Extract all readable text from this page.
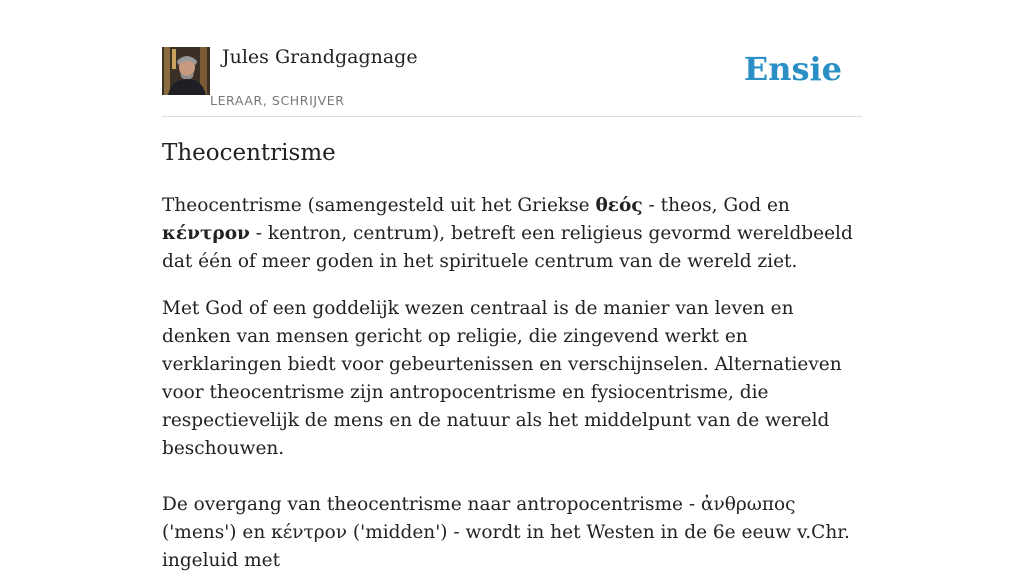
Jules Grandgagnage
LERAAR, SCHRIJVER
Ensie
Theocentrisme

Theocentrisme (samengesteld uit het Griekse θεός - theos, God en κέντρον - kentron, centrum), betreft een religieus gevormd wereldbeeld dat één of meer goden in het spirituele centrum van de wereld ziet.

Met God of een goddelijk wezen centraal is de manier van leven en denken van mensen gericht op religie, die zingevend werkt en verklaringen biedt voor gebeurtenissen en verschijnselen. Alternatieven voor theocentrisme zijn antropocentrisme en fysiocentrisme, die respectievelijk de mens en de natuur als het middelpunt van de wereld beschouwen.

De overgang van theocentrisme naar antropocentrisme - ἀνθρωπος ('mens') en κέντρον ('midden') - wordt in het Westen in de 6e eeuw v.Chr. ingeluid met
